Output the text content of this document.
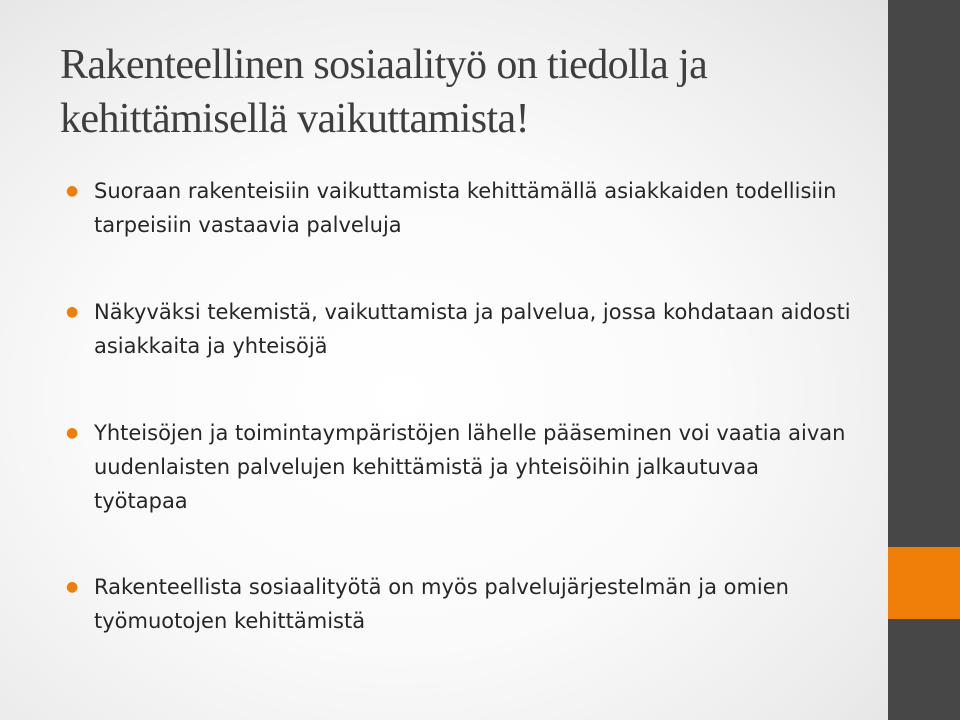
Rakenteellinen sosiaalityö on tiedolla ja kehittämisellä vaikuttamista!
● Suoraan rakenteisiin vaikuttamista kehittämällä asiakkaiden todellisiin tarpeisiin vastaavia palveluja
● Näkyväksi tekemistä, vaikuttamista ja palvelua, jossa kohdataan aidosti asiakkaita ja yhteisöjä
● Yhteisöjen ja toimintaympäristöjen lähelle pääseminen voi vaatia aivan uudenlaisten palvelujen kehittämistä ja yhteisöihin jalkautuvaa työtapaa
● Rakenteellista sosiaalityötä on myös palvelujärjestelmän ja omien työmuotojen kehittämistä
